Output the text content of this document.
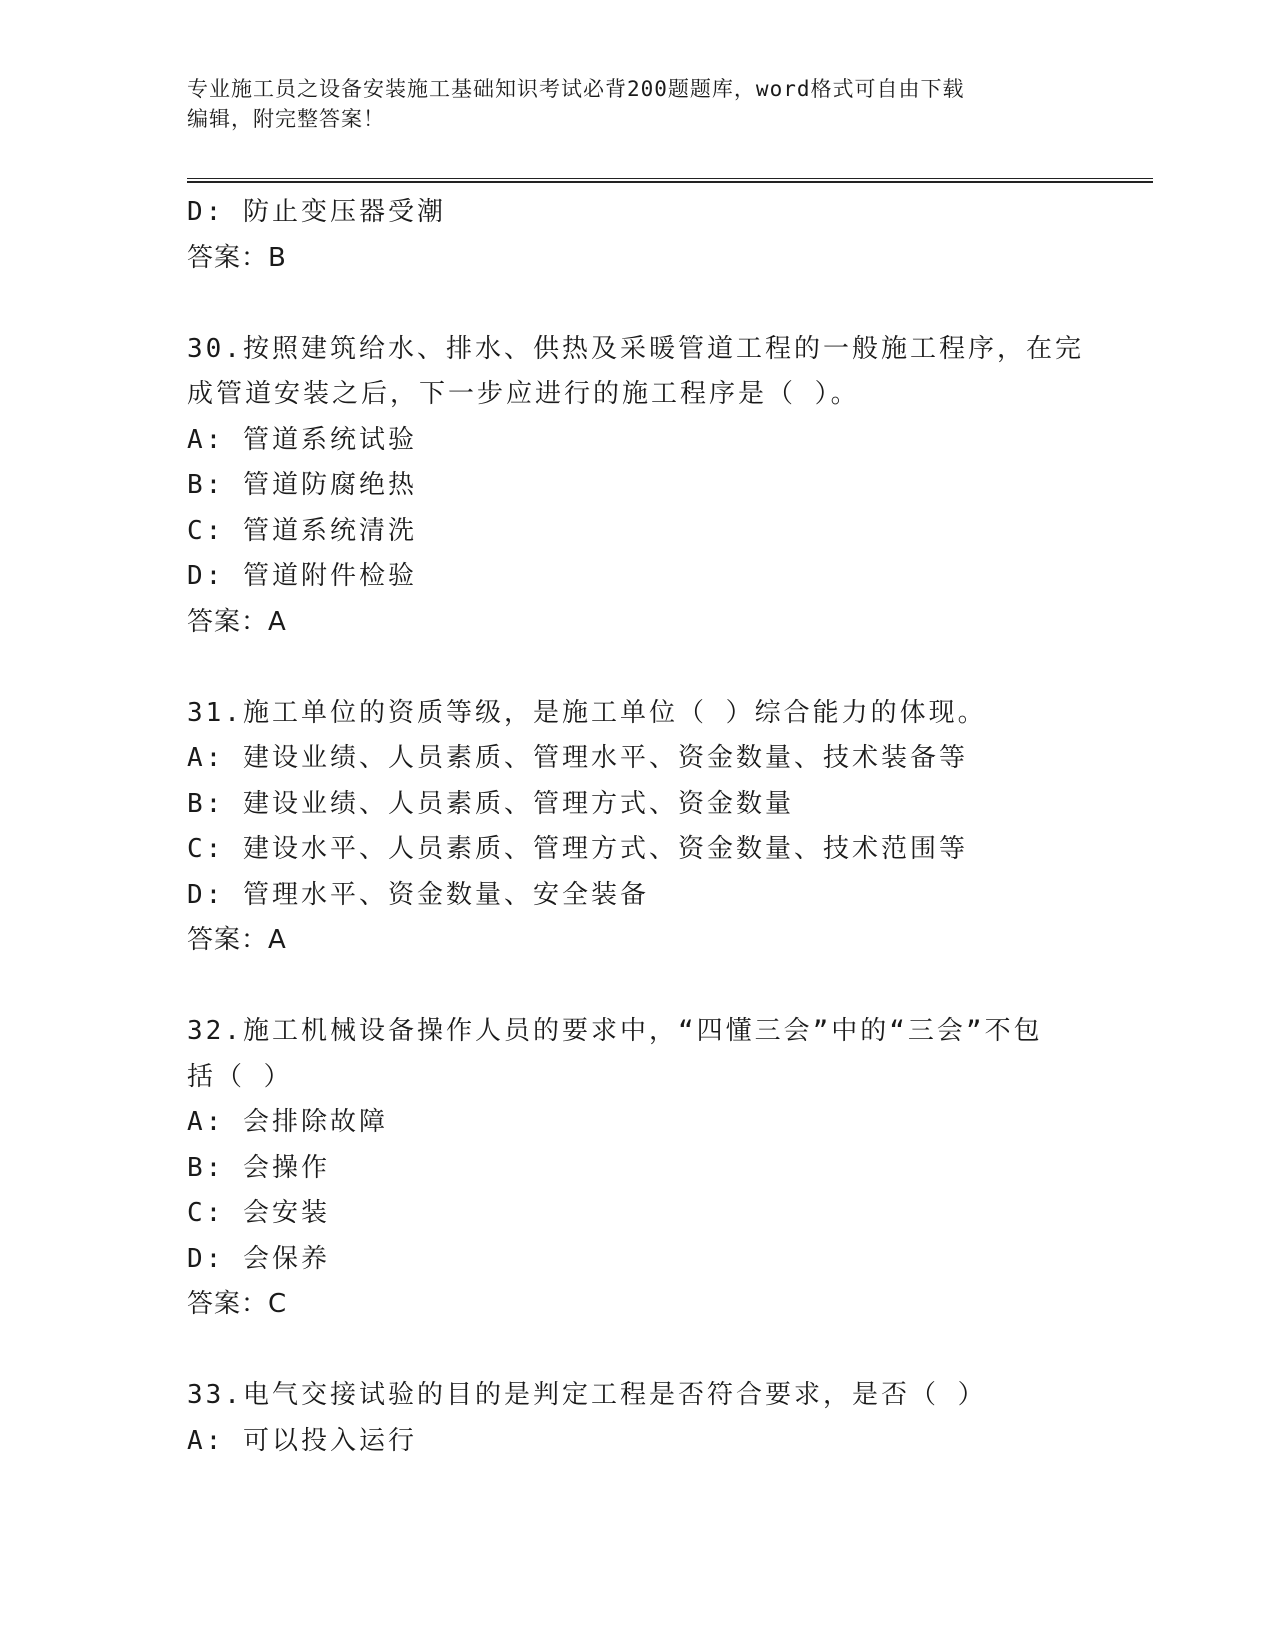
专业施工员之设备安装施工基础知识考试必背200题题库，word格式可自由下载
编辑，附完整答案！
D: 防止变压器受潮
答案：B
30.按照建筑给水、排水、供热及采暖管道工程的一般施工程序，在完
成管道安装之后，下一步应进行的施工程序是（ ）。
A: 管道系统试验
B: 管道防腐绝热
C: 管道系统清洗
D: 管道附件检验
答案：A
31.施工单位的资质等级，是施工单位（ ）综合能力的体现。
A: 建设业绩、人员素质、管理水平、资金数量、技术装备等
B: 建设业绩、人员素质、管理方式、资金数量
C: 建设水平、人员素质、管理方式、资金数量、技术范围等
D: 管理水平、资金数量、安全装备
答案：A
32.施工机械设备操作人员的要求中，“四懂三会”中的“三会”不包
括（ ）
A: 会排除故障
B: 会操作
C: 会安装
D: 会保养
答案：C
33.电气交接试验的目的是判定工程是否符合要求，是否（ ）
A: 可以投入运行
